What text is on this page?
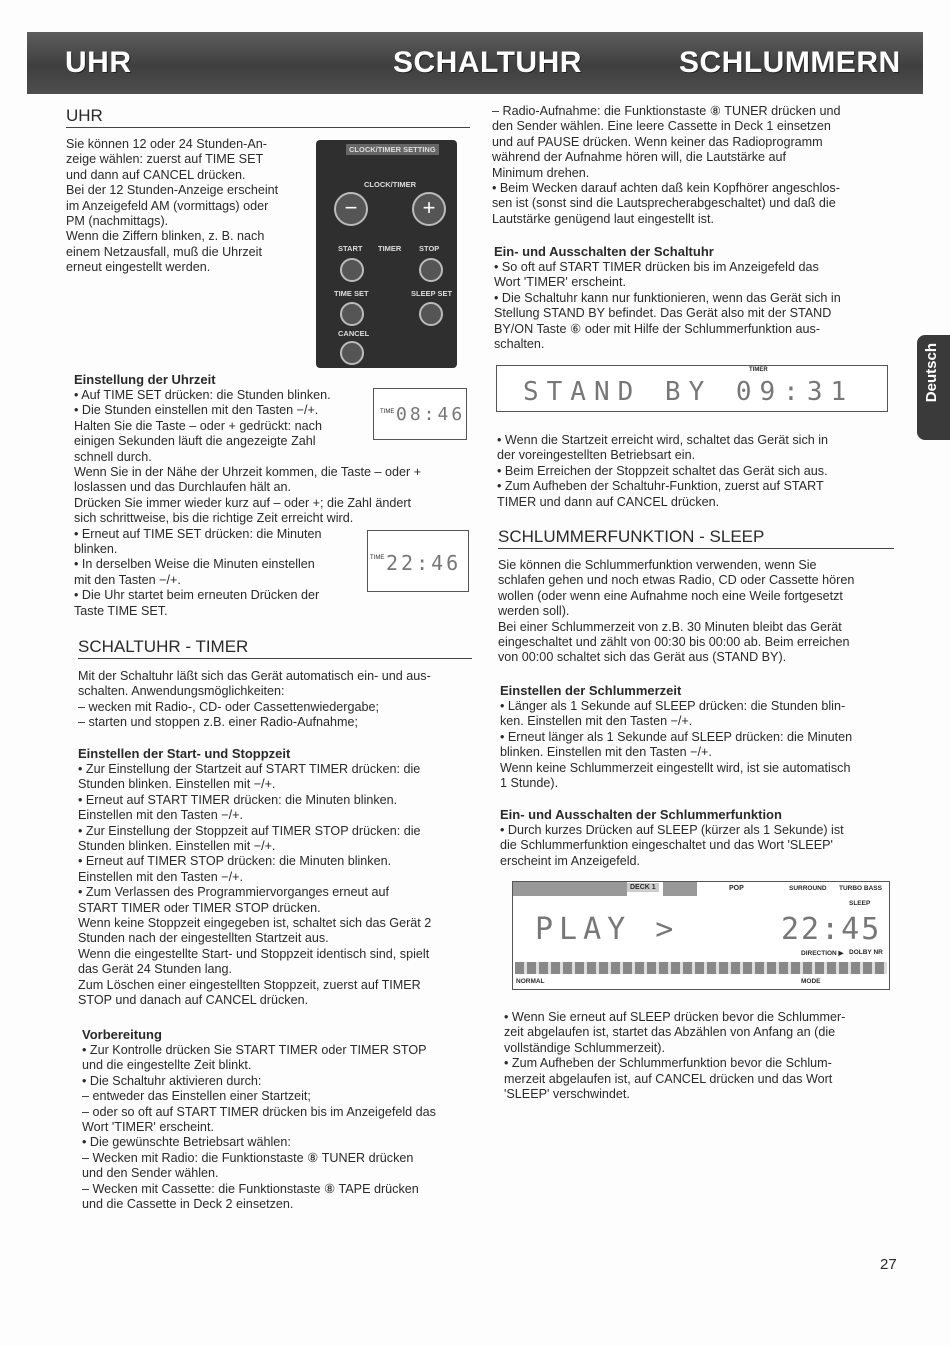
UHR	SCHALTUHR	SCHLUMMERN
Deutsch

UHR

Sie können 12 oder 24 Stunden-An-

zeige wählen: zuerst auf TIME SET

und dann auf CANCEL drücken.

Bei der 12 Stunden-Anzeige erscheint

im Anzeigefeld AM (vormittags) oder

PM (nachmittags).

Wenn die Ziffern blinken, z. B. nach

einem Netzausfall, muß die Uhrzeit

erneut eingestellt werden.

CLOCK/TIMER SETTING
CLOCK/TIMER
−	+
START TIMER STOP
TIME SET	SLEEP SET
CANCEL

Einstellung der Uhrzeit

• Auf TIME SET drücken: die Stunden blinken.

• Die Stunden einstellen mit den Tasten −/+.

Halten Sie die Taste – oder + gedrückt: nach

einigen Sekunden läuft die angezeigte Zahl

schnell durch.

Wenn Sie in der Nähe der Uhrzeit kommen, die Taste – oder +

loslassen und das Durchlaufen hält an.

Drücken Sie immer wieder kurz auf – oder +; die Zahl ändert

sich schrittweise, bis die richtige Zeit erreicht wird.

• Erneut auf TIME SET drücken: die Minuten

blinken.

• In derselben Weise die Minuten einstellen

mit den Tasten −/+.

• Die Uhr startet beim erneuten Drücken der

Taste TIME SET.

TIME 08:46
TIME 22:46

SCHALTUHR - TIMER

Mit der Schaltuhr läßt sich das Gerät automatisch ein- und aus-

schalten. Anwendungsmöglichkeiten:

– wecken mit Radio-, CD- oder Cassettenwiedergabe;

– starten und stoppen z.B. einer Radio-Aufnahme;

Einstellen der Start- und Stoppzeit

• Zur Einstellung der Startzeit auf START TIMER drücken: die

Stunden blinken. Einstellen mit −/+.

• Erneut auf START TIMER drücken: die Minuten blinken.

Einstellen mit den Tasten −/+.

• Zur Einstellung der Stoppzeit auf TIMER STOP drücken: die

Stunden blinken. Einstellen mit −/+.

• Erneut auf TIMER STOP drücken: die Minuten blinken.

Einstellen mit den Tasten −/+.

• Zum Verlassen des Programmiervorganges erneut auf

START TIMER oder TIMER STOP drücken.

Wenn keine Stoppzeit eingegeben ist, schaltet sich das Gerät 2

Stunden nach der eingestellten Startzeit aus.

Wenn die eingestellte Start- und Stoppzeit identisch sind, spielt

das Gerät 24 Stunden lang.

Zum Löschen einer eingestellten Stoppzeit, zuerst auf TIMER

STOP und danach auf CANCEL drücken.

Vorbereitung

• Zur Kontrolle drücken Sie START TIMER oder TIMER STOP

und die eingestellte Zeit blinkt.

• Die Schaltuhr aktivieren durch:

– entweder das Einstellen einer Startzeit;

– oder so oft auf START TIMER drücken bis im Anzeigefeld das

Wort 'TIMER' erscheint.

• Die gewünschte Betriebsart wählen:

– Wecken mit Radio: die Funktionstaste ⑧ TUNER drücken

und den Sender wählen.

– Wecken mit Cassette: die Funktionstaste ⑧ TAPE drücken

und die Cassette in Deck 2 einsetzen.

– Radio-Aufnahme: die Funktionstaste ⑧ TUNER drücken und

den Sender wählen. Eine leere Cassette in Deck 1 einsetzen

und auf PAUSE drücken. Wenn keiner das Radioprogramm

während der Aufnahme hören will, die Lautstärke auf

Minimum drehen.

• Beim Wecken darauf achten daß kein Kopfhörer angeschlos-

sen ist (sonst sind die Lautsprecherabgeschaltet) und daß die

Lautstärke genügend laut eingestellt ist.

Ein- und Ausschalten der Schaltuhr

• So oft auf START TIMER drücken bis im Anzeigefeld das

Wort 'TIMER' erscheint.

• Die Schaltuhr kann nur funktionieren, wenn das Gerät sich in

Stellung STAND BY befindet. Das Gerät also mit der STAND

BY/ON Taste ⑥ oder mit Hilfe der Schlummerfunktion aus-

schalten.

TIMER
STAND BY 09:31

• Wenn die Startzeit erreicht wird, schaltet das Gerät sich in

der voreingestellten Betriebsart ein.

• Beim Erreichen der Stoppzeit schaltet das Gerät sich aus.

• Zum Aufheben der Schaltuhr-Funktion, zuerst auf START

TIMER und dann auf CANCEL drücken.

SCHLUMMERFUNKTION - SLEEP

Sie können die Schlummerfunktion verwenden, wenn Sie

schlafen gehen und noch etwas Radio, CD oder Cassette hören

wollen (oder wenn eine Aufnahme noch eine Weile fortgesetzt

werden soll).

Bei einer Schlummerzeit von z.B. 30 Minuten bleibt das Gerät

eingeschaltet und zählt von 00:30 bis 00:00 ab. Beim erreichen

von 00:00 schaltet sich das Gerät aus (STAND BY).

Einstellen der Schlummerzeit

• Länger als 1 Sekunde auf SLEEP drücken: die Stunden blin-

ken. Einstellen mit den Tasten −/+.

• Erneut länger als 1 Sekunde auf SLEEP drücken: die Minuten

blinken. Einstellen mit den Tasten −/+.

Wenn keine Schlummerzeit eingestellt wird, ist sie automatisch

1 Stunde).

Ein- und Ausschalten der Schlummerfunktion

• Durch kurzes Drücken auf SLEEP (kürzer als 1 Sekunde) ist

die Schlummerfunktion eingeschaltet und das Wort 'SLEEP'

erscheint im Anzeigefeld.

DECK 1	POP	SURROUND TURBO BASS
SLEEP
PLAY >	22:45
DIRECTION ▶ DOLBY NR
NORMAL	MODE

• Wenn Sie erneut auf SLEEP drücken bevor die Schlummer-

zeit abgelaufen ist, startet das Abzählen von Anfang an (die

vollständige Schlummerzeit).

• Zum Aufheben der Schlummerfunktion bevor die Schlum-

merzeit abgelaufen ist, auf CANCEL drücken und das Wort

'SLEEP' verschwindet.

27
